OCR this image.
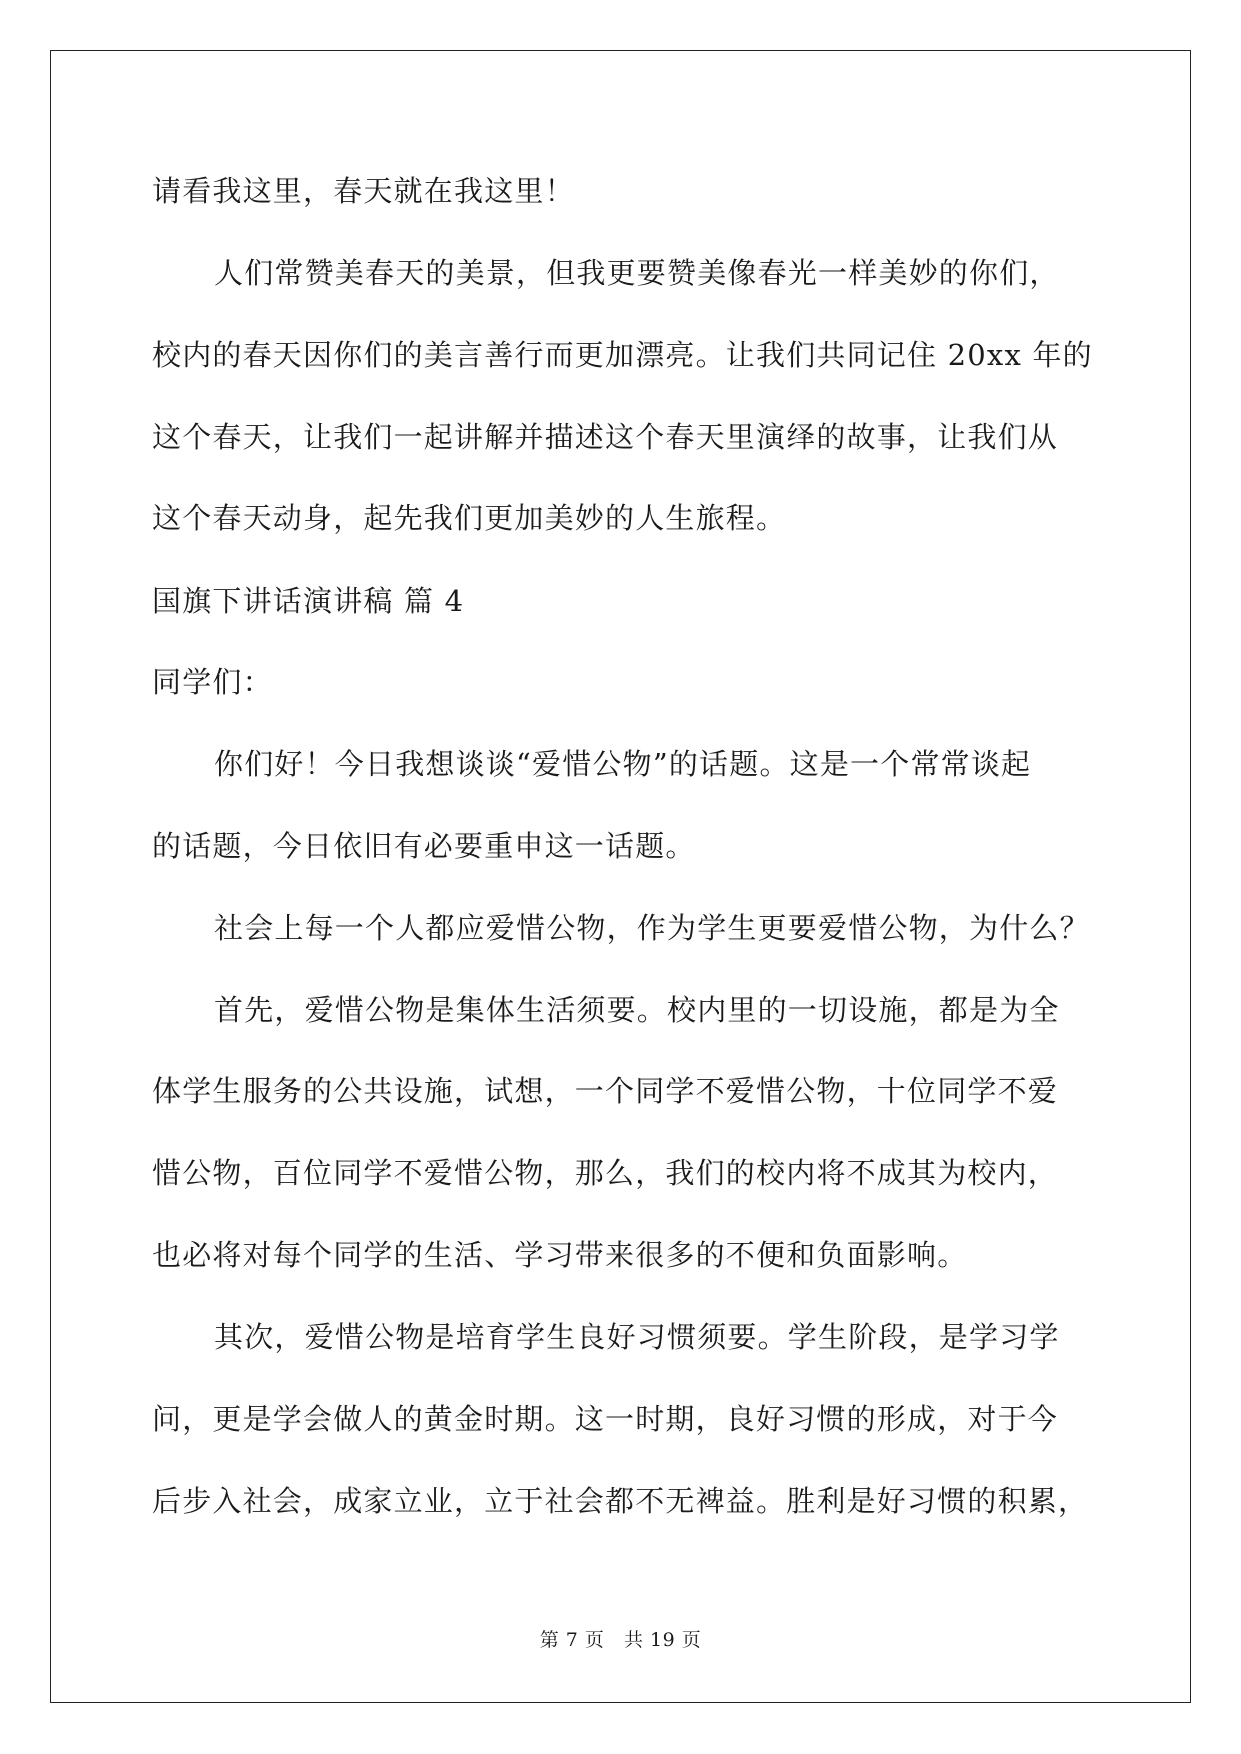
请看我这里，春天就在我这里！
人们常赞美春天的美景，但我更要赞美像春光一样美妙的你们，
校内的春天因你们的美言善行而更加漂亮。让我们共同记住 20xx 年的
这个春天，让我们一起讲解并描述这个春天里演绎的故事，让我们从
这个春天动身，起先我们更加美妙的人生旅程。
国旗下讲话演讲稿 篇 4
同学们：
你们好！今日我想谈谈“爱惜公物”的话题。这是一个常常谈起
的话题，今日依旧有必要重申这一话题。
社会上每一个人都应爱惜公物，作为学生更要爱惜公物，为什么？
首先，爱惜公物是集体生活须要。校内里的一切设施，都是为全
体学生服务的公共设施，试想，一个同学不爱惜公物，十位同学不爱
惜公物，百位同学不爱惜公物，那么，我们的校内将不成其为校内，
也必将对每个同学的生活、学习带来很多的不便和负面影响。
其次，爱惜公物是培育学生良好习惯须要。学生阶段，是学习学
问，更是学会做人的黄金时期。这一时期，良好习惯的形成，对于今
后步入社会，成家立业，立于社会都不无裨益。胜利是好习惯的积累，
第 7 页   共 19 页
